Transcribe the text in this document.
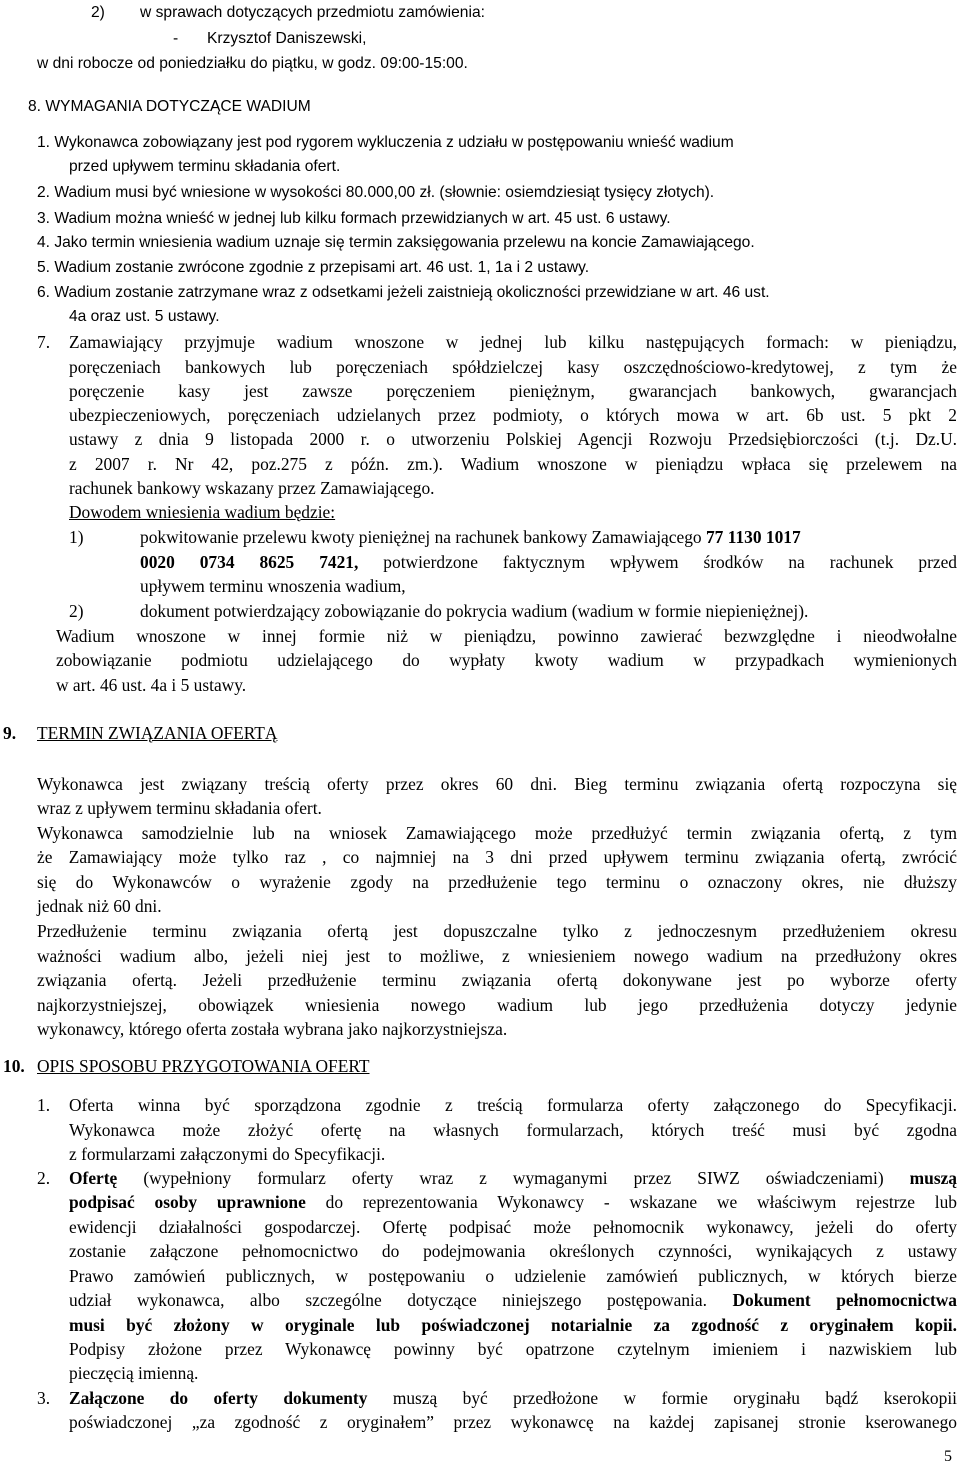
2) w sprawach dotyczących przedmiotu zamówienia:
- Krzysztof Daniszewski,
w dni robocze od poniedziałku do piątku, w godz. 09:00-15:00.
8. WYMAGANIA DOTYCZĄCE WADIUM
1. Wykonawca zobowiązany jest pod rygorem wykluczenia z udziału w postępowaniu wnieść wadium
przed upływem terminu składania ofert.
2. Wadium musi być wniesione w wysokości 80.000,00 zł. (słownie: osiemdziesiąt tysięcy złotych).
3. Wadium można wnieść w jednej lub kilku formach przewidzianych w art. 45 ust. 6 ustawy.
4. Jako termin wniesienia wadium uznaje się termin zaksięgowania przelewu na koncie Zamawiającego.
5. Wadium zostanie zwrócone zgodnie z przepisami art. 46 ust. 1, 1a i 2 ustawy.
6. Wadium zostanie zatrzymane wraz z odsetkami jeżeli zaistnieją okoliczności przewidziane w art. 46 ust.
4a oraz ust. 5 ustawy.
7. Zamawiający przyjmuje wadium wnoszone w jednej lub kilku następujących formach: w pieniądzu,
poręczeniach bankowych lub poręczeniach spółdzielczej kasy oszczędnościowo-kredytowej, z tym że
poręczenie kasy jest zawsze poręczeniem pieniężnym, gwarancjach bankowych, gwarancjach
ubezpieczeniowych, poręczeniach udzielanych przez podmioty, o których mowa w art. 6b ust. 5 pkt 2
ustawy z dnia 9 listopada 2000 r. o utworzeniu Polskiej Agencji Rozwoju Przedsiębiorczości (t.j. Dz.U.
z 2007 r. Nr 42, poz.275 z późn. zm.). Wadium wnoszone w pieniądzu wpłaca się przelewem na
rachunek bankowy wskazany przez Zamawiającego.
Dowodem wniesienia wadium będzie:
1)	pokwitowanie przelewu kwoty pieniężnej na rachunek bankowy Zamawiającego 77 1130 1017
0020 0734 8625 7421, potwierdzone faktycznym wpływem środków na rachunek przed
upływem terminu wnoszenia wadium,
2)	dokument potwierdzający zobowiązanie do pokrycia wadium (wadium w formie niepieniężnej).
Wadium wnoszone w innej formie niż w pieniądzu, powinno zawierać bezwzględne i nieodwołalne
zobowiązanie podmiotu udzielającego do wypłaty kwoty wadium w przypadkach wymienionych
w art. 46 ust. 4a i 5 ustawy.
9. TERMIN ZWIĄZANIA OFERTĄ
Wykonawca jest związany treścią oferty przez okres 60 dni. Bieg terminu związania ofertą rozpoczyna się
wraz z upływem terminu składania ofert.
Wykonawca samodzielnie lub na wniosek Zamawiającego może przedłużyć termin związania ofertą, z tym
że Zamawiający może tylko raz , co najmniej na 3 dni przed upływem terminu związania ofertą, zwrócić
się do Wykonawców o wyrażenie zgody na przedłużenie tego terminu o oznaczony okres, nie dłuższy
jednak niż 60 dni.
Przedłużenie terminu związania ofertą jest dopuszczalne tylko z jednoczesnym przedłużeniem okresu
ważności wadium albo, jeżeli niej jest to możliwe, z wniesieniem nowego wadium na przedłużony okres
związania ofertą. Jeżeli przedłużenie terminu związania ofertą dokonywane jest po wyborze oferty
najkorzystniejszej, obowiązek wniesienia nowego wadium lub jego przedłużenia dotyczy jedynie
wykonawcy, którego oferta została wybrana jako najkorzystniejsza.
10. OPIS SPOSOBU PRZYGOTOWANIA OFERT
1. Oferta winna być sporządzona zgodnie z treścią formularza oferty załączonego do Specyfikacji.
Wykonawca może złożyć ofertę na własnych formularzach, których treść musi być zgodna
z formularzami załączonymi do Specyfikacji.
2. Ofertę (wypełniony formularz oferty wraz z wymaganymi przez SIWZ oświadczeniami) muszą
podpisać osoby uprawnione do reprezentowania Wykonawcy - wskazane we właściwym rejestrze lub
ewidencji działalności gospodarczej. Ofertę podpisać może pełnomocnik wykonawcy, jeżeli do oferty
zostanie załączone pełnomocnictwo do podejmowania określonych czynności, wynikających z ustawy
Prawo zamówień publicznych, w postępowaniu o udzielenie zamówień publicznych, w których bierze
udział wykonawca, albo szczególne dotyczące niniejszego postępowania. Dokument pełnomocnictwa
musi być złożony w oryginale lub poświadczonej notarialnie za zgodność z oryginałem kopii.
Podpisy złożone przez Wykonawcę powinny być opatrzone czytelnym imieniem i nazwiskiem lub
pieczęcią imienną.
3. Załączone do oferty dokumenty muszą być przedłożone w formie oryginału bądź kserokopii
poświadczonej „za zgodność z oryginałem” przez wykonawcę na każdej zapisanej stronie kserowanego
5
